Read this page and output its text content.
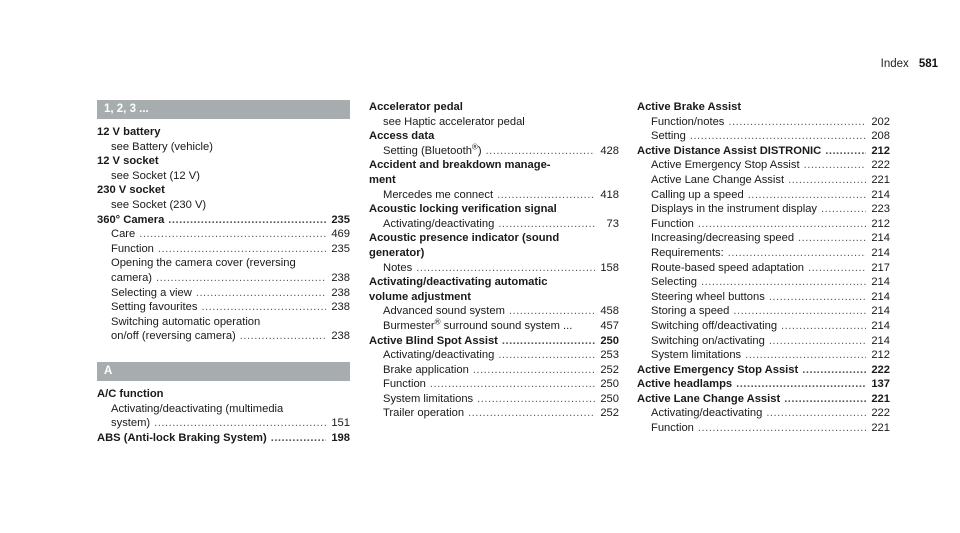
Index 581
1, 2, 3 ...
12 V battery
see Battery (vehicle)
12 V socket
see Socket (12 V)
230 V socket
see Socket (230 V)
360° Camera .....	235
Care .....	469
Function .....	235
Opening the camera cover (reversing
camera) .....	238
Selecting a view .....	238
Setting favourites .....	238
Switching automatic operation
on/off (reversing camera) .....	238
A
A/C function
Activating/deactivating (multimedia
system) .....	151
ABS (Anti-lock Braking System) .....	198
Accelerator pedal
see Haptic accelerator pedal
Access data
Setting (Bluetooth®) .....	428
Accident and breakdown manage-
ment
Mercedes me connect .....	418
Acoustic locking verification signal
Activating/deactivating .....	73
Acoustic presence indicator (sound
generator)
Notes .....	158
Activating/deactivating automatic
volume adjustment
Advanced sound system .....	458
Burmester® surround sound system ... 457
Active Blind Spot Assist .....	250
Activating/deactivating .....	253
Brake application .....	252
Function .....	250
System limitations .....	250
Trailer operation .....	252
Active Brake Assist
Function/notes .....	202
Setting .....	208
Active Distance Assist DISTRONIC .....	212
Active Emergency Stop Assist .....	222
Active Lane Change Assist .....	221
Calling up a speed .....	214
Displays in the instrument display .....	223
Function .....	212
Increasing/decreasing speed .....	214
Requirements: .....	214
Route-based speed adaptation .....	217
Selecting .....	214
Steering wheel buttons .....	214
Storing a speed .....	214
Switching off/deactivating .....	214
Switching on/activating .....	214
System limitations .....	212
Active Emergency Stop Assist .....	222
Active headlamps .....	137
Active Lane Change Assist .....	221
Activating/deactivating .....	222
Function .....	221
